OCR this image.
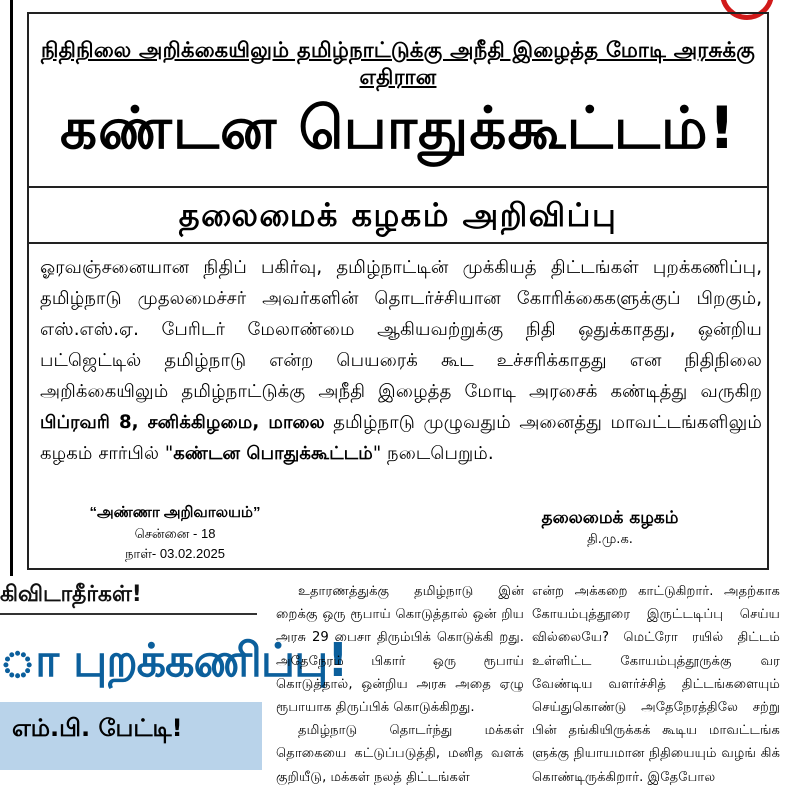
நிதிநிலை அறிக்கையிலும் தமிழ்நாட்டுக்கு அநீதி இழைத்த மோடி அரசுக்கு எதிரான
கண்டன பொதுக்கூட்டம்!
தலைமைக் கழகம் அறிவிப்பு
ஓரவஞ்சனையான நிதிப் பகிர்வு, தமிழ்நாட்டின் முக்கியத் திட்டங்கள் புறக்கணிப்பு, தமிழ்நாடு முதலமைச்சர் அவர்களின் தொடர்ச்சியான கோரிக்கைகளுக்குப் பிறகும், எஸ்.எஸ்.ஏ. பேரிடர் மேலாண்மை ஆகியவற்றுக்கு நிதி ஒதுக்காதது, ஒன்றிய பட்ஜெட்டில் தமிழ்நாடு என்ற பெயரைக் கூட உச்சரிக்காதது என நிதிநிலை அறிக்கையிலும் தமிழ்நாட்டுக்கு அநீதி இழைத்த மோடி அரசைக் கண்டித்து வருகிற பிப்ரவரி 8, சனிக்கிழமை, மாலை தமிழ்நாடு முழுவதும் அனைத்து மாவட்டங்களிலும் கழகம் சார்பில் "கண்டன பொதுக்கூட்டம்" நடைபெறும்.
“அண்ணா அறிவாலயம்”
சென்னை - 18
நாள்- 03.02.2025
தலைமைக் கழகம்
தி.மு.க.
கிவிடாதீர்கள்!
ா புறக்கணிப்பு!
எம்.பி. பேட்டி!

உதாரணத்துக்கு தமிழ்நாடு இன் றைக்கு ஒரு ரூபாய் கொடுத்தால் ஒன் றிய அரசு 29 பைசா திரும்பிக் கொடுக்கி றது. அதேநேரம் பிகார் ஒரு ரூபாய் கொடுத்தால், ஒன்றிய அரசு அதை ஏழு ரூபாயாக திருப்பிக் கொடுக்கிறது.

தமிழ்நாடு தொடர்ந்து மக்கள் தொகையை கட்டுப்படுத்தி, மனித வளக் குறியீடு, மக்கள் நலத் திட்டங்கள்

என்ற அக்கறை காட்டுகிறார். அதற்காக கோயம்புத்தூரை இருட்டடிப்பு செய்ய வில்லையே? மெட்ரோ ரயில் திட்டம் உள்ளிட்ட கோயம்புத்தூருக்கு வர வேண்டிய வளர்ச்சித் திட்டங்களையும் செய்துகொண்டு அதேநேரத்திலே சற்று பின் தங்கியிருக்கக் கூடிய மாவட்டங்க ளுக்கு நியாயமான நிதியையும் வழங் கிக் கொண்டிருக்கிறார். இதேபோல
